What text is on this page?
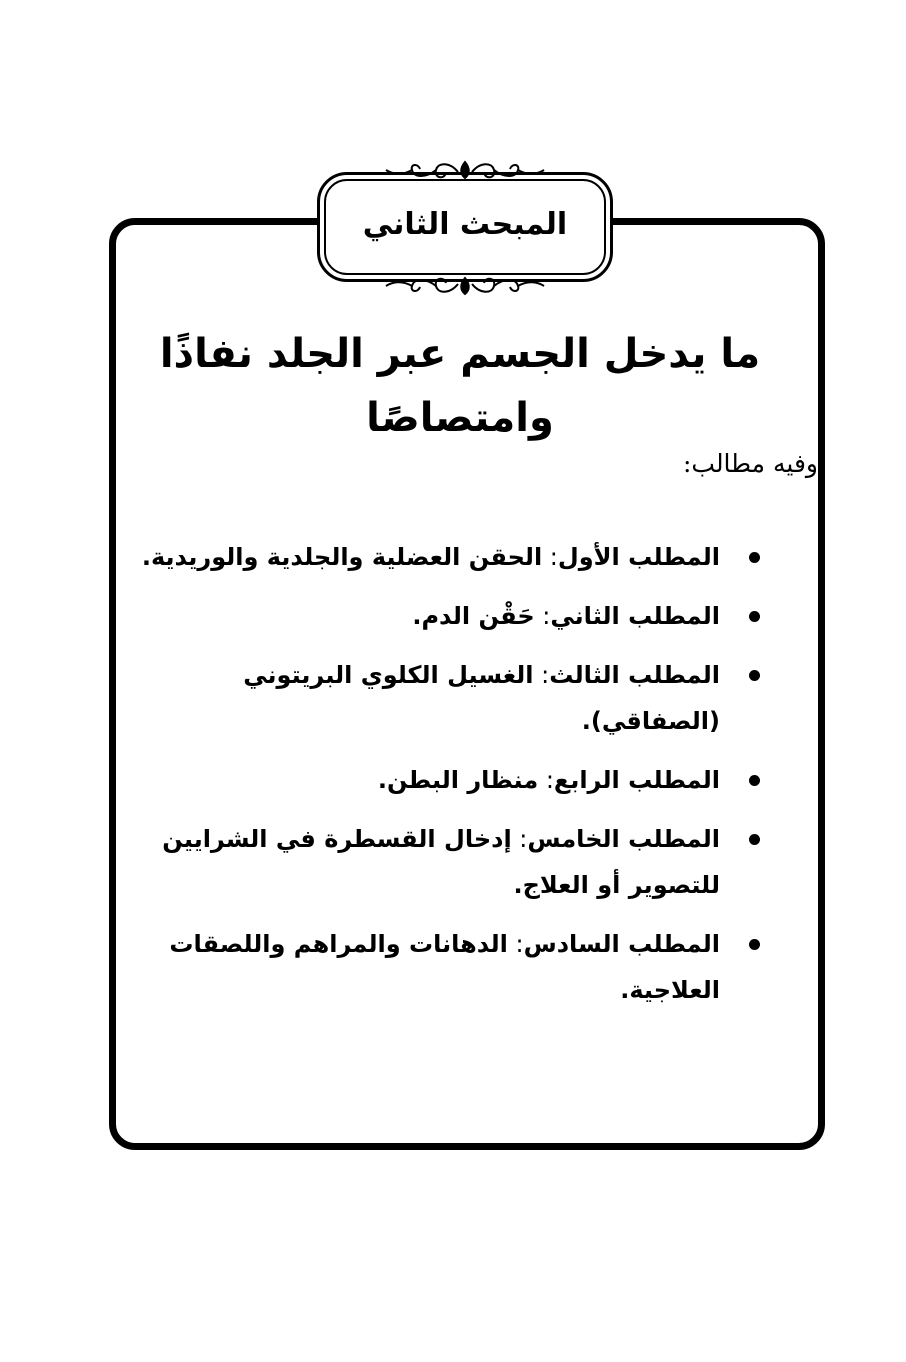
المبحث الثاني
ما يدخل الجسم عبر الجلد نفاذًا وامتصاصًا
وفيه مطالب:
المطلب الأول: الحقن العضلية والجلدية والوريدية.
المطلب الثاني: حَقْن الدم.
المطلب الثالث: الغسيل الكلوي البريتوني (الصفاقي).
المطلب الرابع: منظار البطن.
المطلب الخامس: إدخال القسطرة في الشرايين للتصوير أو العلاج.
المطلب السادس: الدهانات والمراهم واللصقات العلاجية.
